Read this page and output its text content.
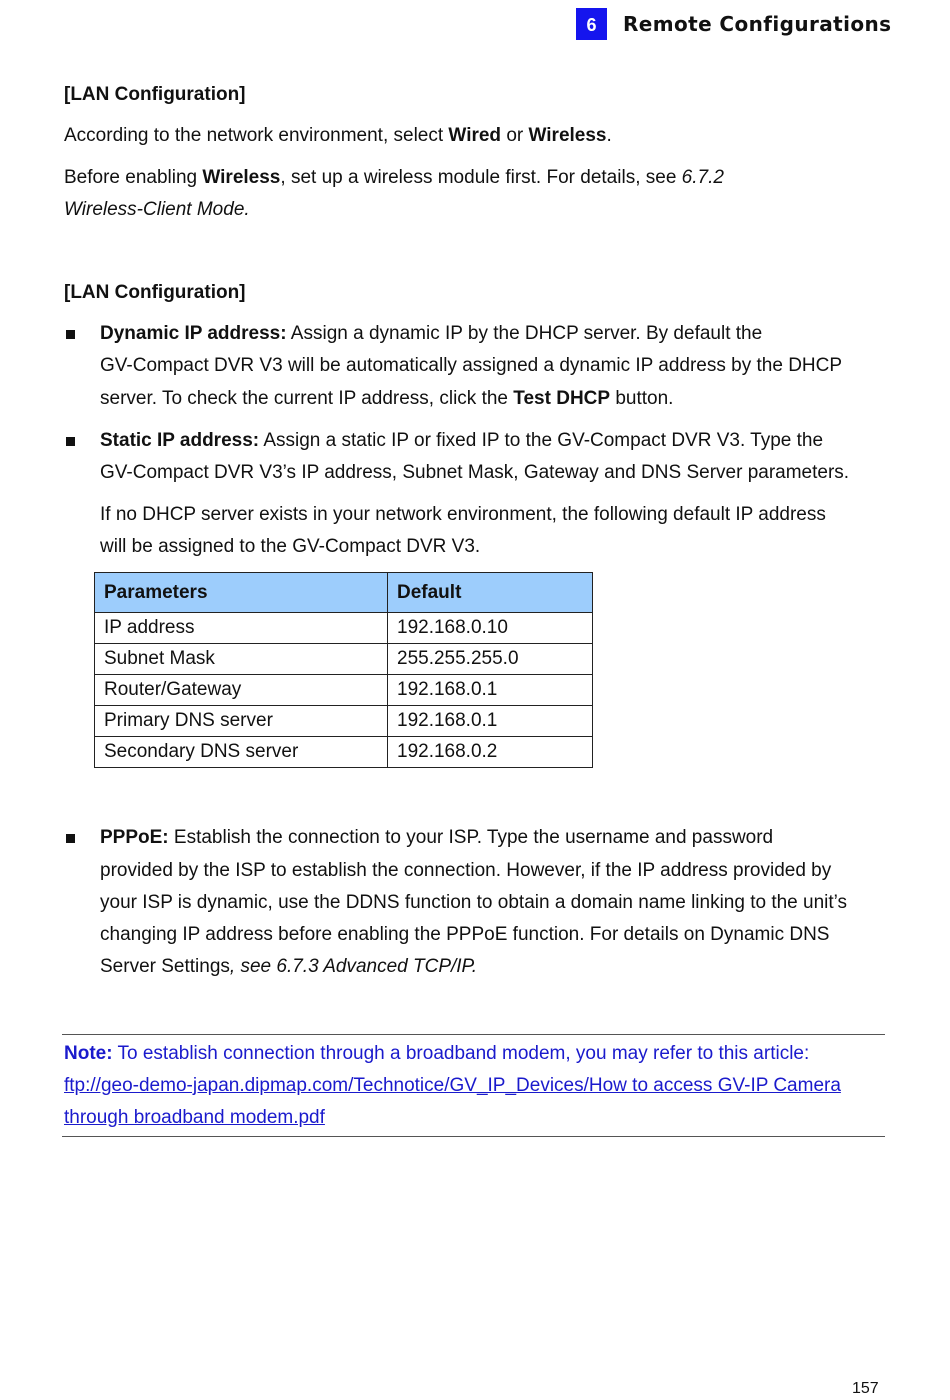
6	Remote Configurations
[LAN Configuration]
According to the network environment, select Wired or Wireless.
Before enabling Wireless, set up a wireless module first. For details, see 6.7.2
Wireless-Client Mode.
[LAN Configuration]
Dynamic IP address: Assign a dynamic IP by the DHCP server. By default the
GV-Compact DVR V3 will be automatically assigned a dynamic IP address by the DHCP
server. To check the current IP address, click the Test DHCP button.
Static IP address: Assign a static IP or fixed IP to the GV-Compact DVR V3. Type the
GV-Compact DVR V3’s IP address, Subnet Mask, Gateway and DNS Server parameters.
If no DHCP server exists in your network environment, the following default IP address
will be assigned to the GV-Compact DVR V3.
Parameters	Default
IP address	192.168.0.10
Subnet Mask	255.255.255.0
Router/Gateway	192.168.0.1
Primary DNS server	192.168.0.1
Secondary DNS server	192.168.0.2
PPPoE: Establish the connection to your ISP. Type the username and password
provided by the ISP to establish the connection. However, if the IP address provided by
your ISP is dynamic, use the DDNS function to obtain a domain name linking to the unit’s
changing IP address before enabling the PPPoE function. For details on Dynamic DNS
Server Settings, see 6.7.3 Advanced TCP/IP.
Note: To establish connection through a broadband modem, you may refer to this article:
ftp://geo-demo-japan.dipmap.com/Technotice/GV_IP_Devices/How to access GV-IP Camera
through broadband modem.pdf
157
